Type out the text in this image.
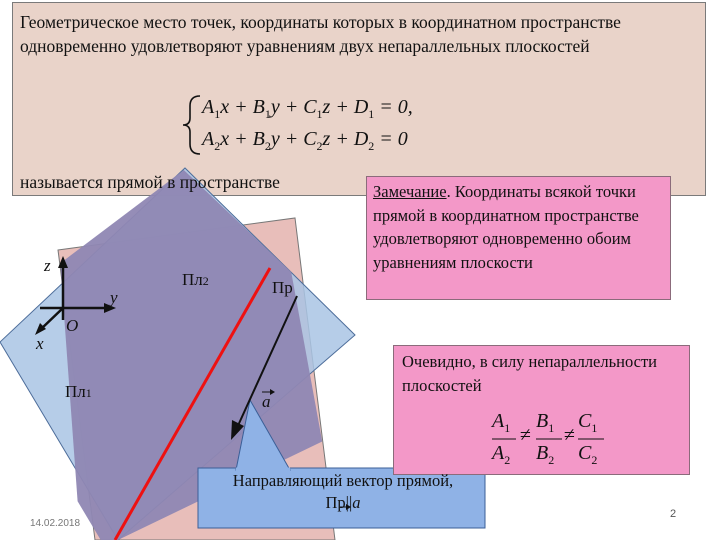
Геометрическое место точек, координаты которых в координатном пространстве одновременно удовлетворяют уравнениям двух непараллельных плоскостей
$A_1x + B_1y + C_1z + D_1 = 0$,
$A_2x + B_2y + C_2z + D_2 = 0$
называется прямой в пространстве
z
y
x
O
Пл2
Пл1
Пр
a
Замечание. Координаты всякой точки прямой в координатном пространстве удовлетворяют одновременно обоим уравнениям плоскости
Очевидно, в силу непараллельности плоскостей
$A_1$
$A_2$
≠
$B_1$
$B_2$
≠
$C_1$
$C_2$
Направляющий вектор прямой,
Пр||a
14.02.2018
2
